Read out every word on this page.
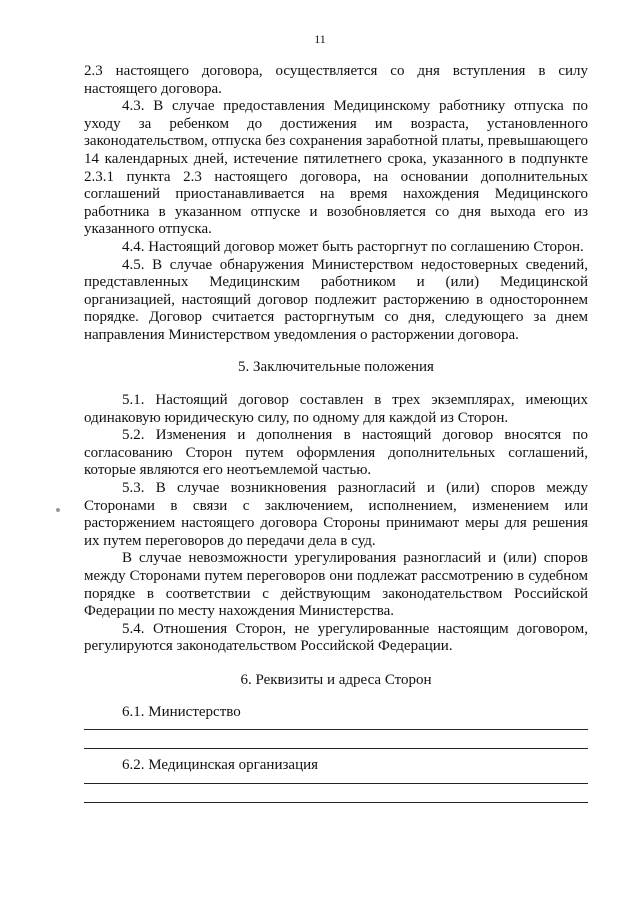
11

2.3 настоящего договора, осуществляется со дня вступления в силу настоящего договора.

4.3. В случае предоставления Медицинскому работнику отпуска по уходу за ребенком до достижения им возраста, установленного законодательством, отпуска без сохранения заработной платы, превышающего 14 календарных дней, истечение пятилетнего срока, указанного в подпункте 2.3.1 пункта 2.3 настоящего договора, на основании дополнительных соглашений приостанавливается на время нахождения Медицинского работника в указанном отпуске и возобновляется со дня выхода его из указанного отпуска.

4.4. Настоящий договор может быть расторгнут по соглашению Сторон.

4.5. В случае обнаружения Министерством недостоверных сведений, представленных Медицинским работником и (или) Медицинской организацией, настоящий договор подлежит расторжению в одностороннем порядке. Договор считается расторгнутым со дня, следующего за днем направления Министерством уведомления о расторжении договора.

5. Заключительные положения

5.1. Настоящий договор составлен в трех экземплярах, имеющих одинаковую юридическую силу, по одному для каждой из Сторон.

5.2. Изменения и дополнения в настоящий договор вносятся по согласованию Сторон путем оформления дополнительных соглашений, которые являются его неотъемлемой частью.

5.3. В случае возникновения разногласий и (или) споров между Сторонами в связи с заключением, исполнением, изменением или расторжением настоящего договора Стороны принимают меры для решения их путем переговоров до передачи дела в суд.

В случае невозможности урегулирования разногласий и (или) споров между Сторонами путем переговоров они подлежат рассмотрению в судебном порядке в соответствии с действующим законодательством Российской Федерации по месту нахождения Министерства.

5.4. Отношения Сторон, не урегулированные настоящим договором, регулируются законодательством Российской Федерации.

6. Реквизиты и адреса Сторон

6.1. Министерство

6.2. Медицинская организация
